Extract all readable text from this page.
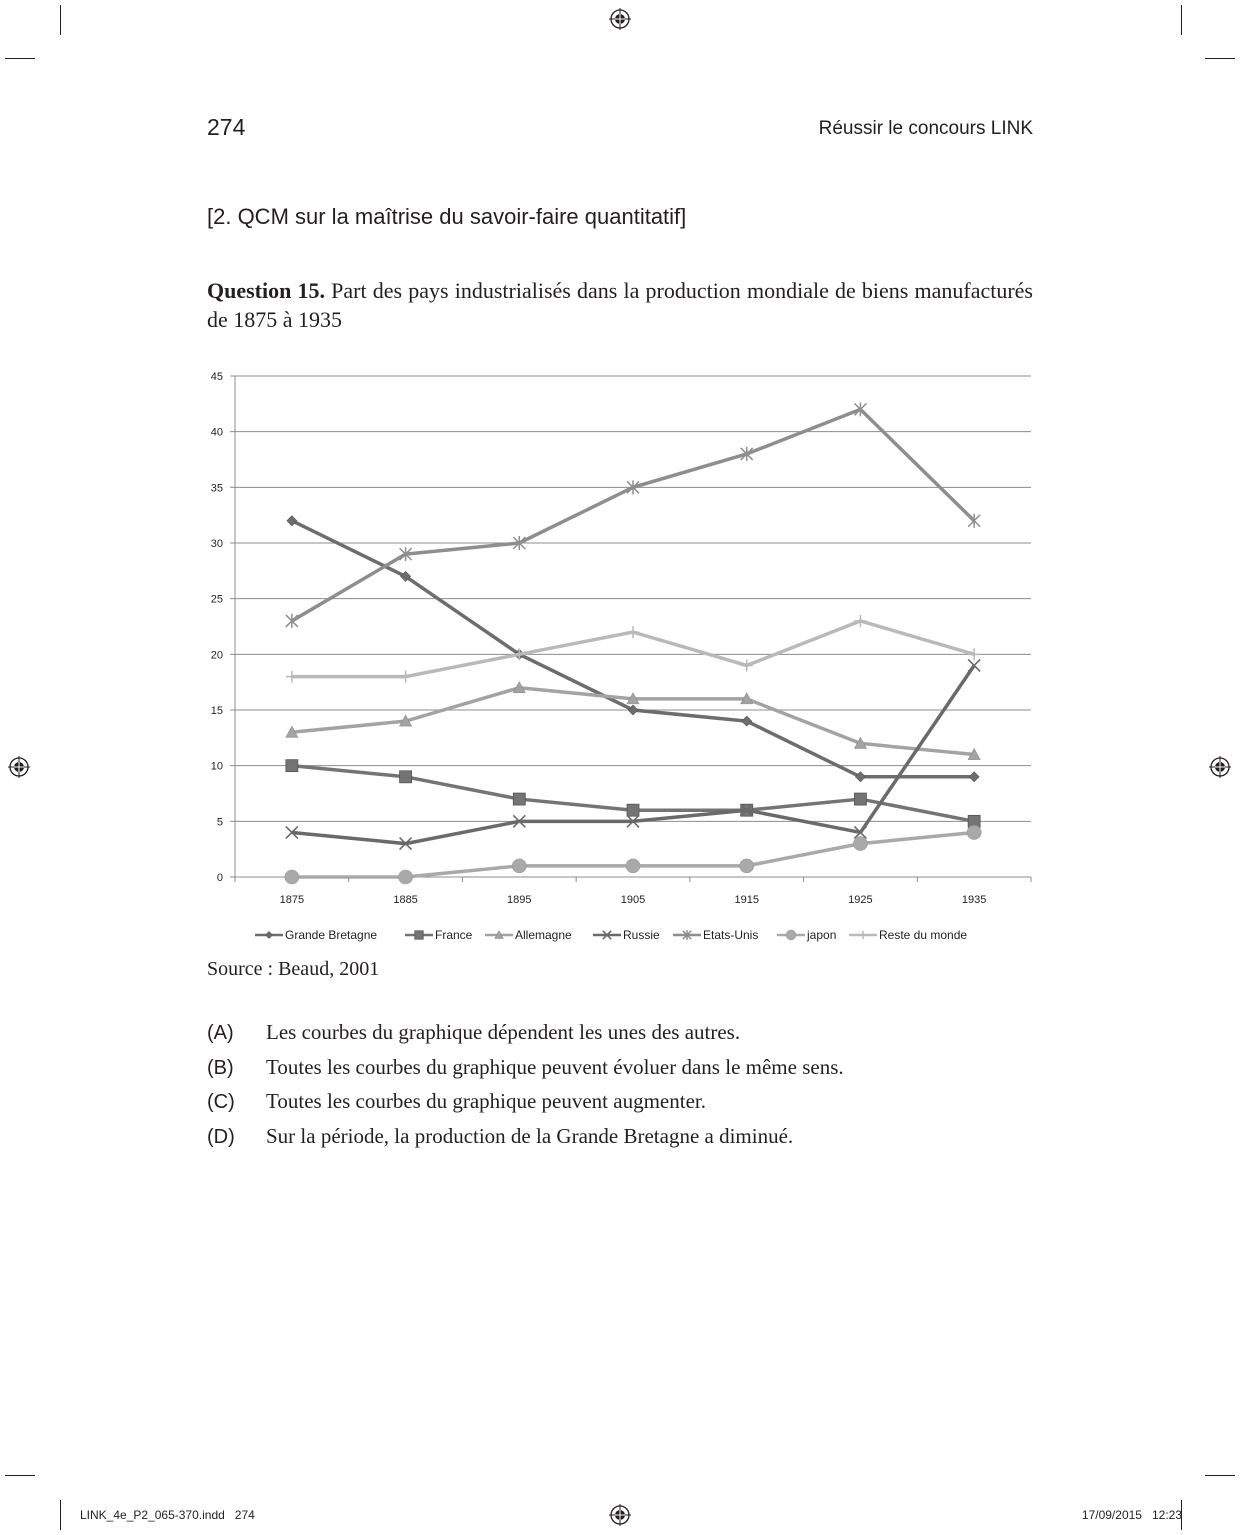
274	Réussir le concours LINK
[2. QCM sur la maîtrise du savoir-faire quantitatif]
Question 15. Part des pays industrialisés dans la production mondiale de biens manufacturés de 1875 à 1935
0
5
10
15
20
25
30
35
40
45
1875	1885	1895	1905	1915	1925	1935
Grande Bretagne	France	Allemagne	Russie	Etats-Unis	japon	Reste du monde
Source : Beaud, 2001
(A) Les courbes du graphique dépendent les unes des autres.
(B) Toutes les courbes du graphique peuvent évoluer dans le même sens.
(C) Toutes les courbes du graphique peuvent augmenter.
(D) Sur la période, la production de la Grande Bretagne a diminué.
LINK_4e_P2_065-370.indd   274	17/09/2015   12:23
